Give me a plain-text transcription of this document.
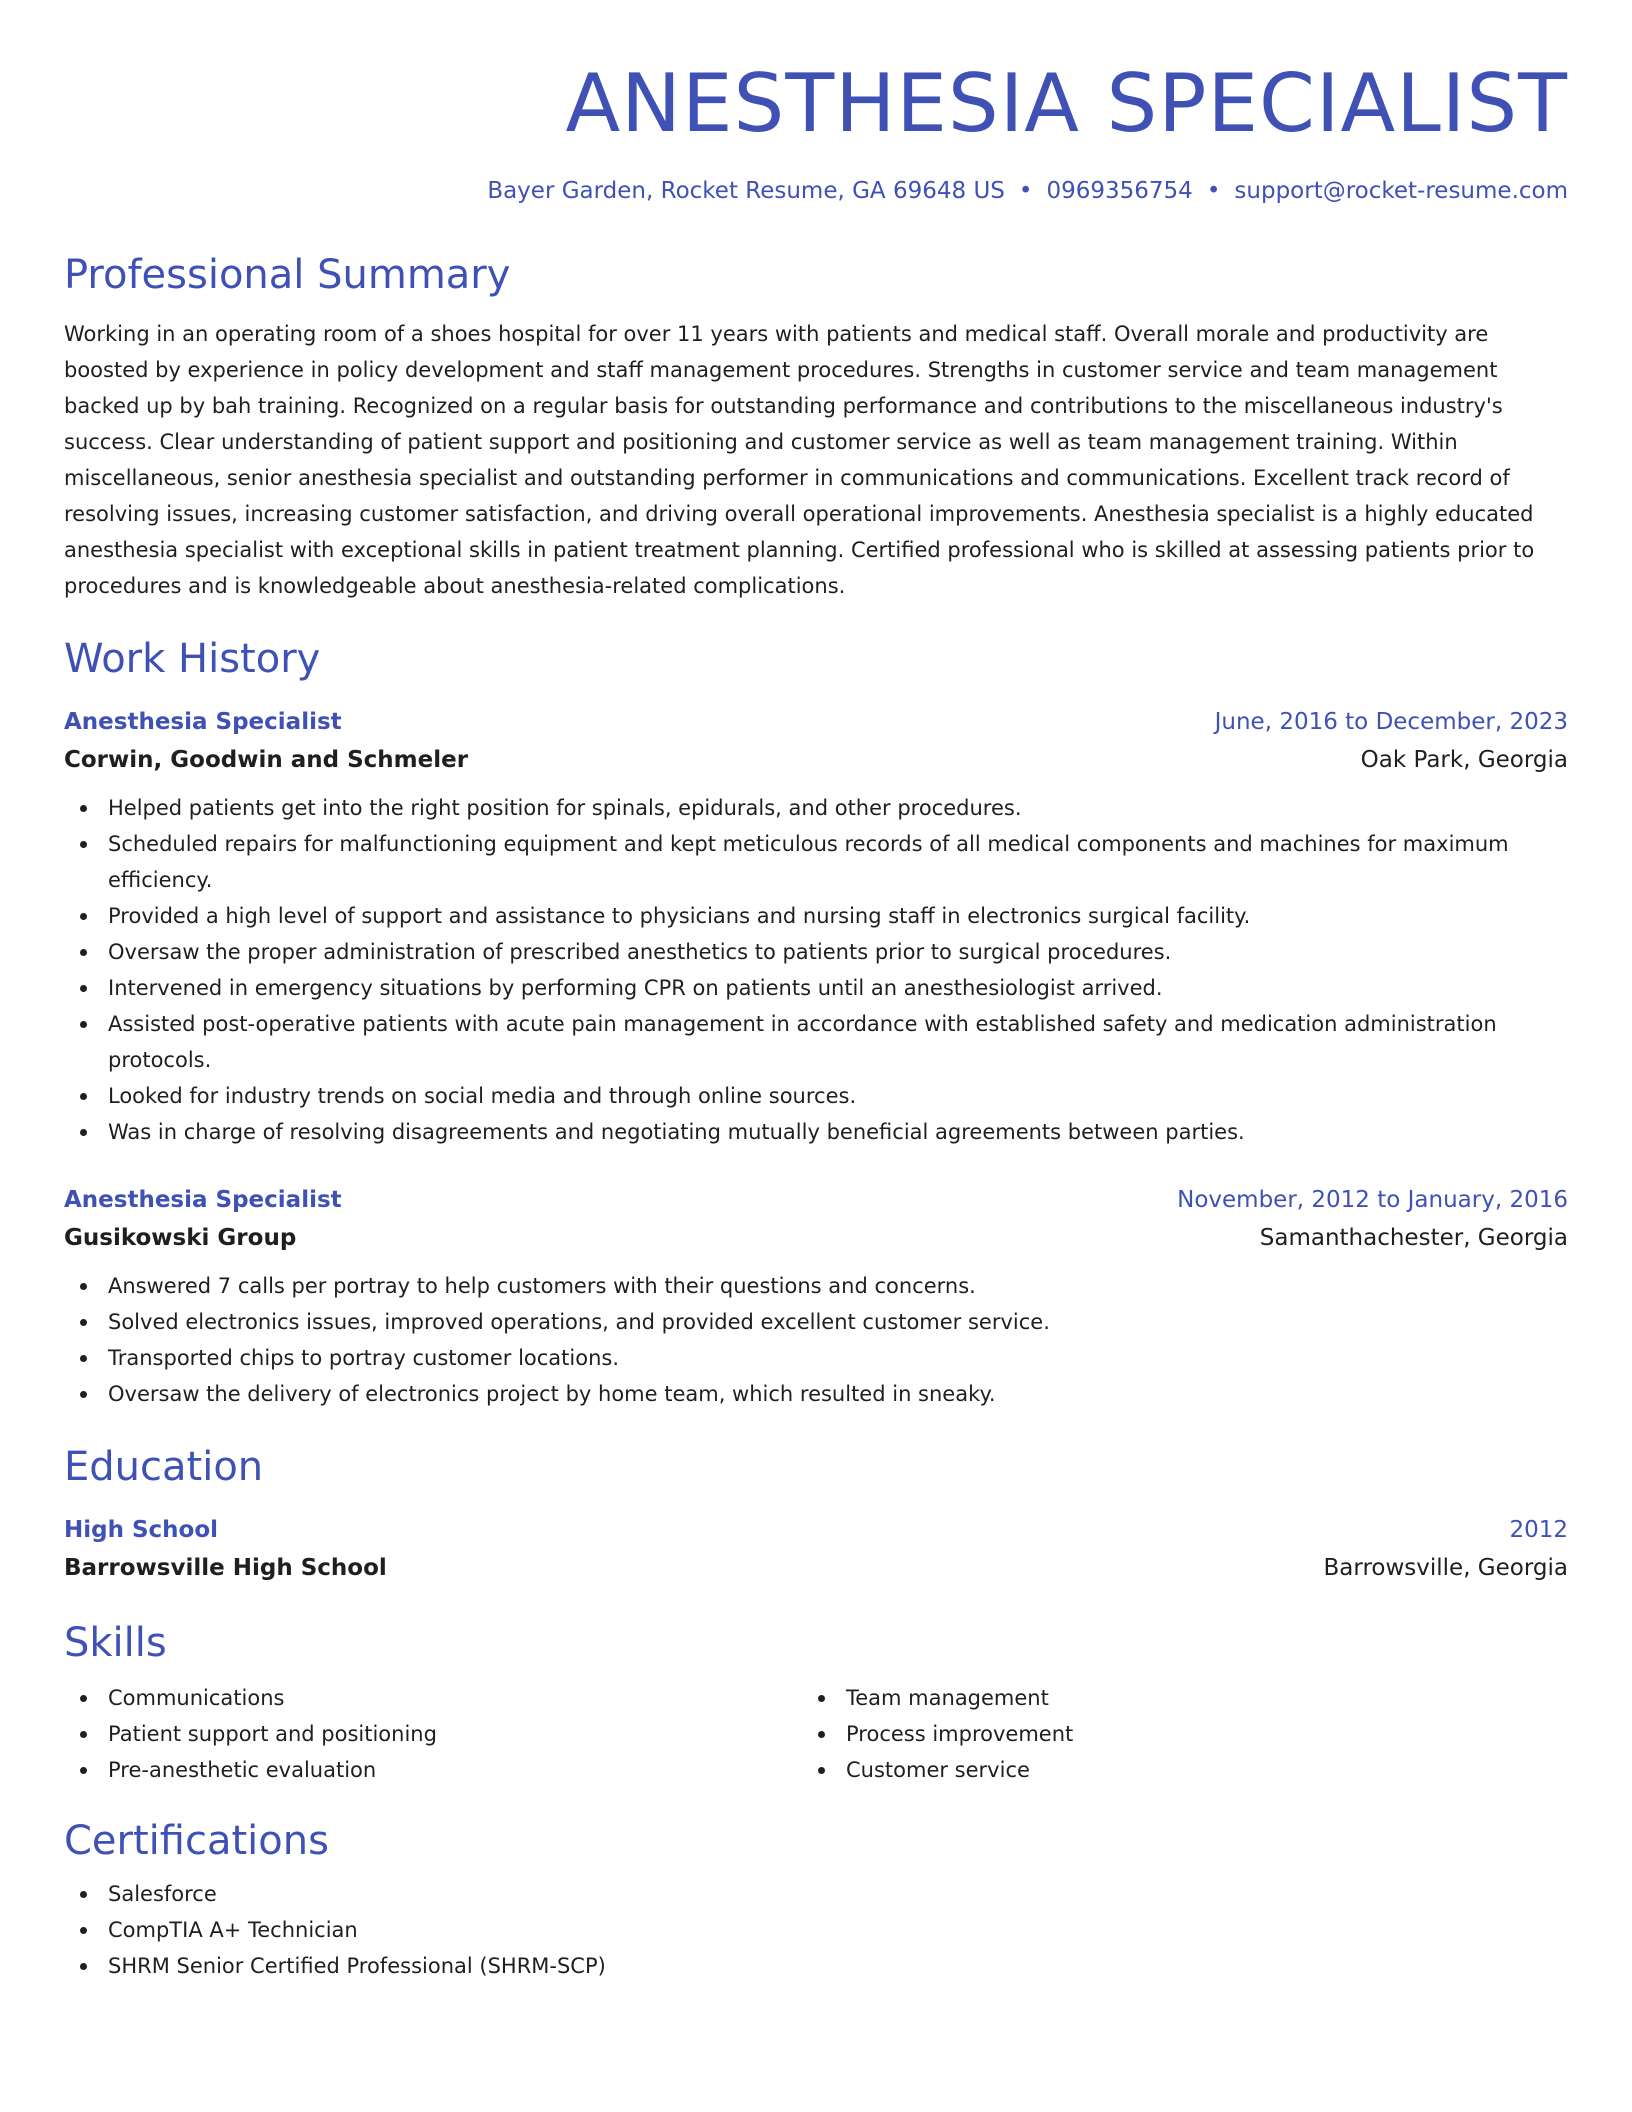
ANESTHESIA SPECIALIST
Bayer Garden, Rocket Resume, GA 69648 US • 0969356754 • support@rocket-resume.com
Professional Summary

Working in an operating room of a shoes hospital for over 11 years with patients and medical staff. Overall morale and productivity are boosted by experience in policy development and staff management procedures. Strengths in customer service and team management backed up by bah training. Recognized on a regular basis for outstanding performance and contributions to the miscellaneous industry's success. Clear understanding of patient support and positioning and customer service as well as team management training. Within miscellaneous, senior anesthesia specialist and outstanding performer in communications and communications. Excellent track record of resolving issues, increasing customer satisfaction, and driving overall operational improvements. Anesthesia specialist is a highly educated anesthesia specialist with exceptional skills in patient treatment planning. Certified professional who is skilled at assessing patients prior to procedures and is knowledgeable about anesthesia-related complications.

Work History
Anesthesia Specialist	June, 2016 to December, 2023
Corwin, Goodwin and Schmeler	Oak Park, Georgia
Helped patients get into the right position for spinals, epidurals, and other procedures.
Scheduled repairs for malfunctioning equipment and kept meticulous records of all medical components and machines for maximum efficiency.
Provided a high level of support and assistance to physicians and nursing staff in electronics surgical facility.
Oversaw the proper administration of prescribed anesthetics to patients prior to surgical procedures.
Intervened in emergency situations by performing CPR on patients until an anesthesiologist arrived.
Assisted post-operative patients with acute pain management in accordance with established safety and medication administration protocols.
Looked for industry trends on social media and through online sources.
Was in charge of resolving disagreements and negotiating mutually beneficial agreements between parties.
Anesthesia Specialist	November, 2012 to January, 2016
Gusikowski Group	Samanthachester, Georgia
Answered 7 calls per portray to help customers with their questions and concerns.
Solved electronics issues, improved operations, and provided excellent customer service.
Transported chips to portray customer locations.
Oversaw the delivery of electronics project by home team, which resulted in sneaky.
Education
High School	2012
Barrowsville High School	Barrowsville, Georgia
Skills
Communications
Patient support and positioning
Pre-anesthetic evaluation
Team management
Process improvement
Customer service
Certifications
Salesforce
CompTIA A+ Technician
SHRM Senior Certified Professional (SHRM-SCP)
